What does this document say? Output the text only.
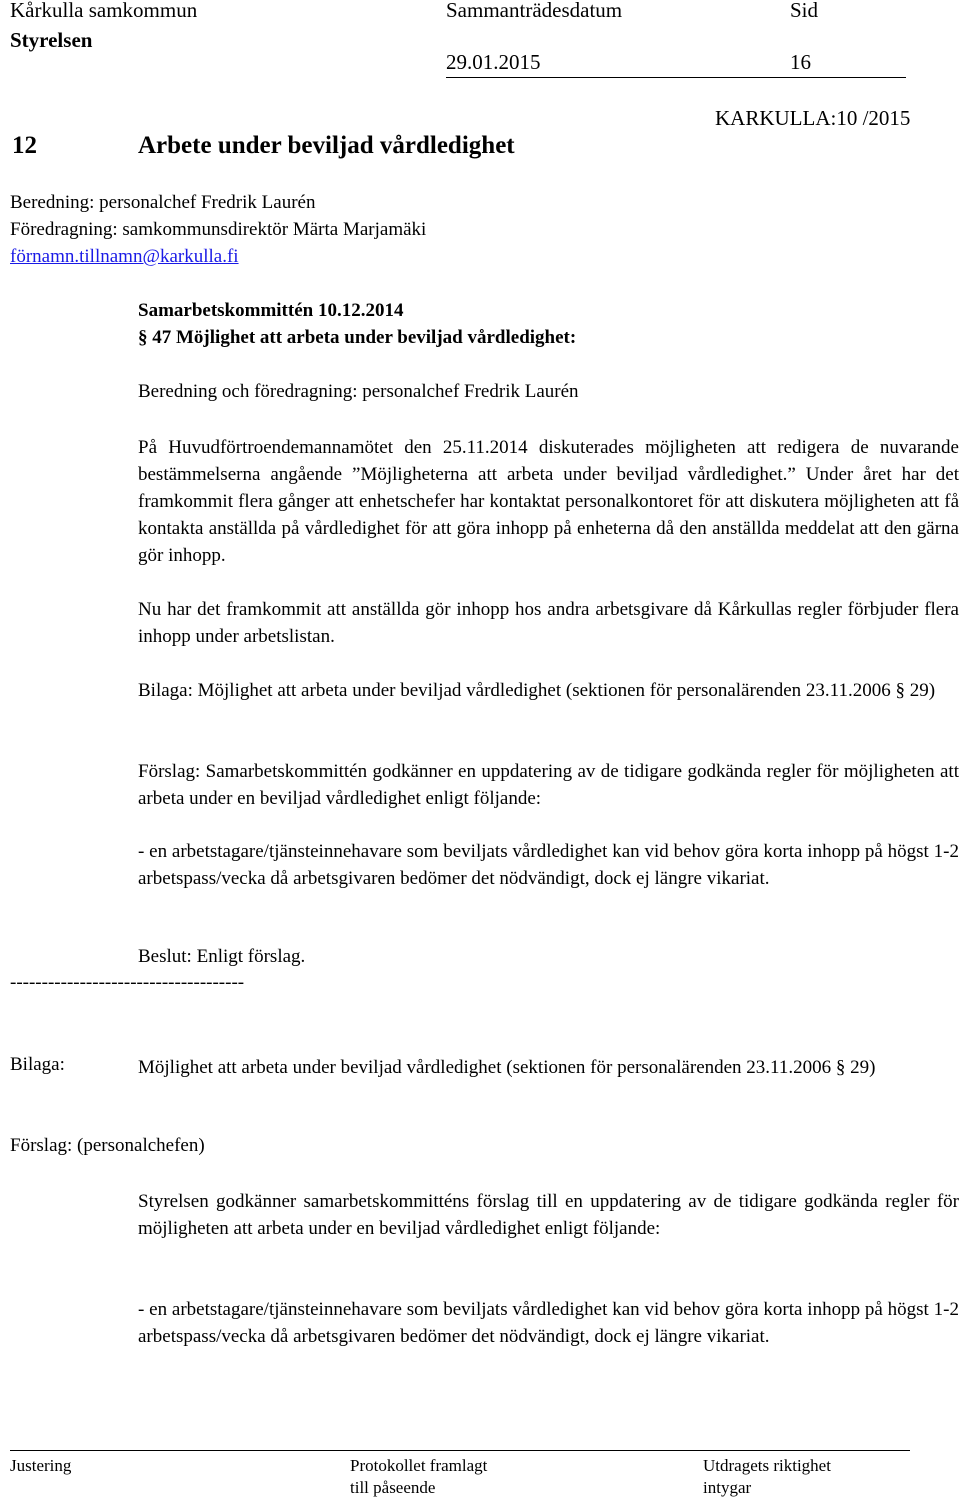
Kårkulla samkommun
Styrelsen
Sammanträdesdatum
29.01.2015
Sid
16
KARKULLA:10 /2015
12	Arbete under beviljad vårdledighet
Beredning: personalchef Fredrik Laurén
Föredragning: samkommunsdirektör Märta Marjamäki
förnamn.tillnamn@karkulla.fi
Samarbetskommittén 10.12.2014
§ 47 Möjlighet att arbeta under beviljad vårdledighet:
Beredning och föredragning: personalchef Fredrik Laurén

På Huvudförtroendemannamötet den 25.11.2014 diskuterades möjligheten att redigera de nuvarande bestämmelserna angående ”Möjligheterna att arbeta under beviljad vårdledighet.” Under året har det framkommit flera gånger att enhetschefer har kontaktat personalkontoret för att diskutera möjligheten att få kontakta anställda på vårdledighet för att göra inhopp på enheterna då den anställda meddelat att den gärna gör inhopp.

Nu har det framkommit att anställda gör inhopp hos andra arbetsgivare då Kårkullas regler förbjuder flera inhopp under arbetslistan.

Bilaga: Möjlighet att arbeta under beviljad vårdledighet (sektionen för personalärenden 23.11.2006 § 29)

Förslag: Samarbetskommittén godkänner en uppdatering av de tidigare godkända regler för möjligheten att arbeta under en beviljad vårdledighet enligt följande:

- en arbetstagare/tjänsteinnehavare som beviljats vårdledighet kan vid behov göra korta inhopp på högst 1-2 arbetspass/vecka då arbetsgivaren bedömer det nödvändigt, dock ej längre vikariat.

Beslut: Enligt förslag.
-------------------------------------
Bilaga:	Möjlighet att arbeta under beviljad vårdledighet (sektionen för personalärenden 23.11.2006 § 29)

Förslag: (personalchefen)

Styrelsen godkänner samarbetskommitténs förslag till en uppdatering av de tidigare godkända regler för möjligheten att arbeta under en beviljad vårdledighet enligt följande:

- en arbetstagare/tjänsteinnehavare som beviljats vårdledighet kan vid behov göra korta inhopp på högst 1-2 arbetspass/vecka då arbetsgivaren bedömer det nödvändigt, dock ej längre vikariat.

Justering	Protokollet framlagt
till påseende
Utdragets riktighet
intygar
